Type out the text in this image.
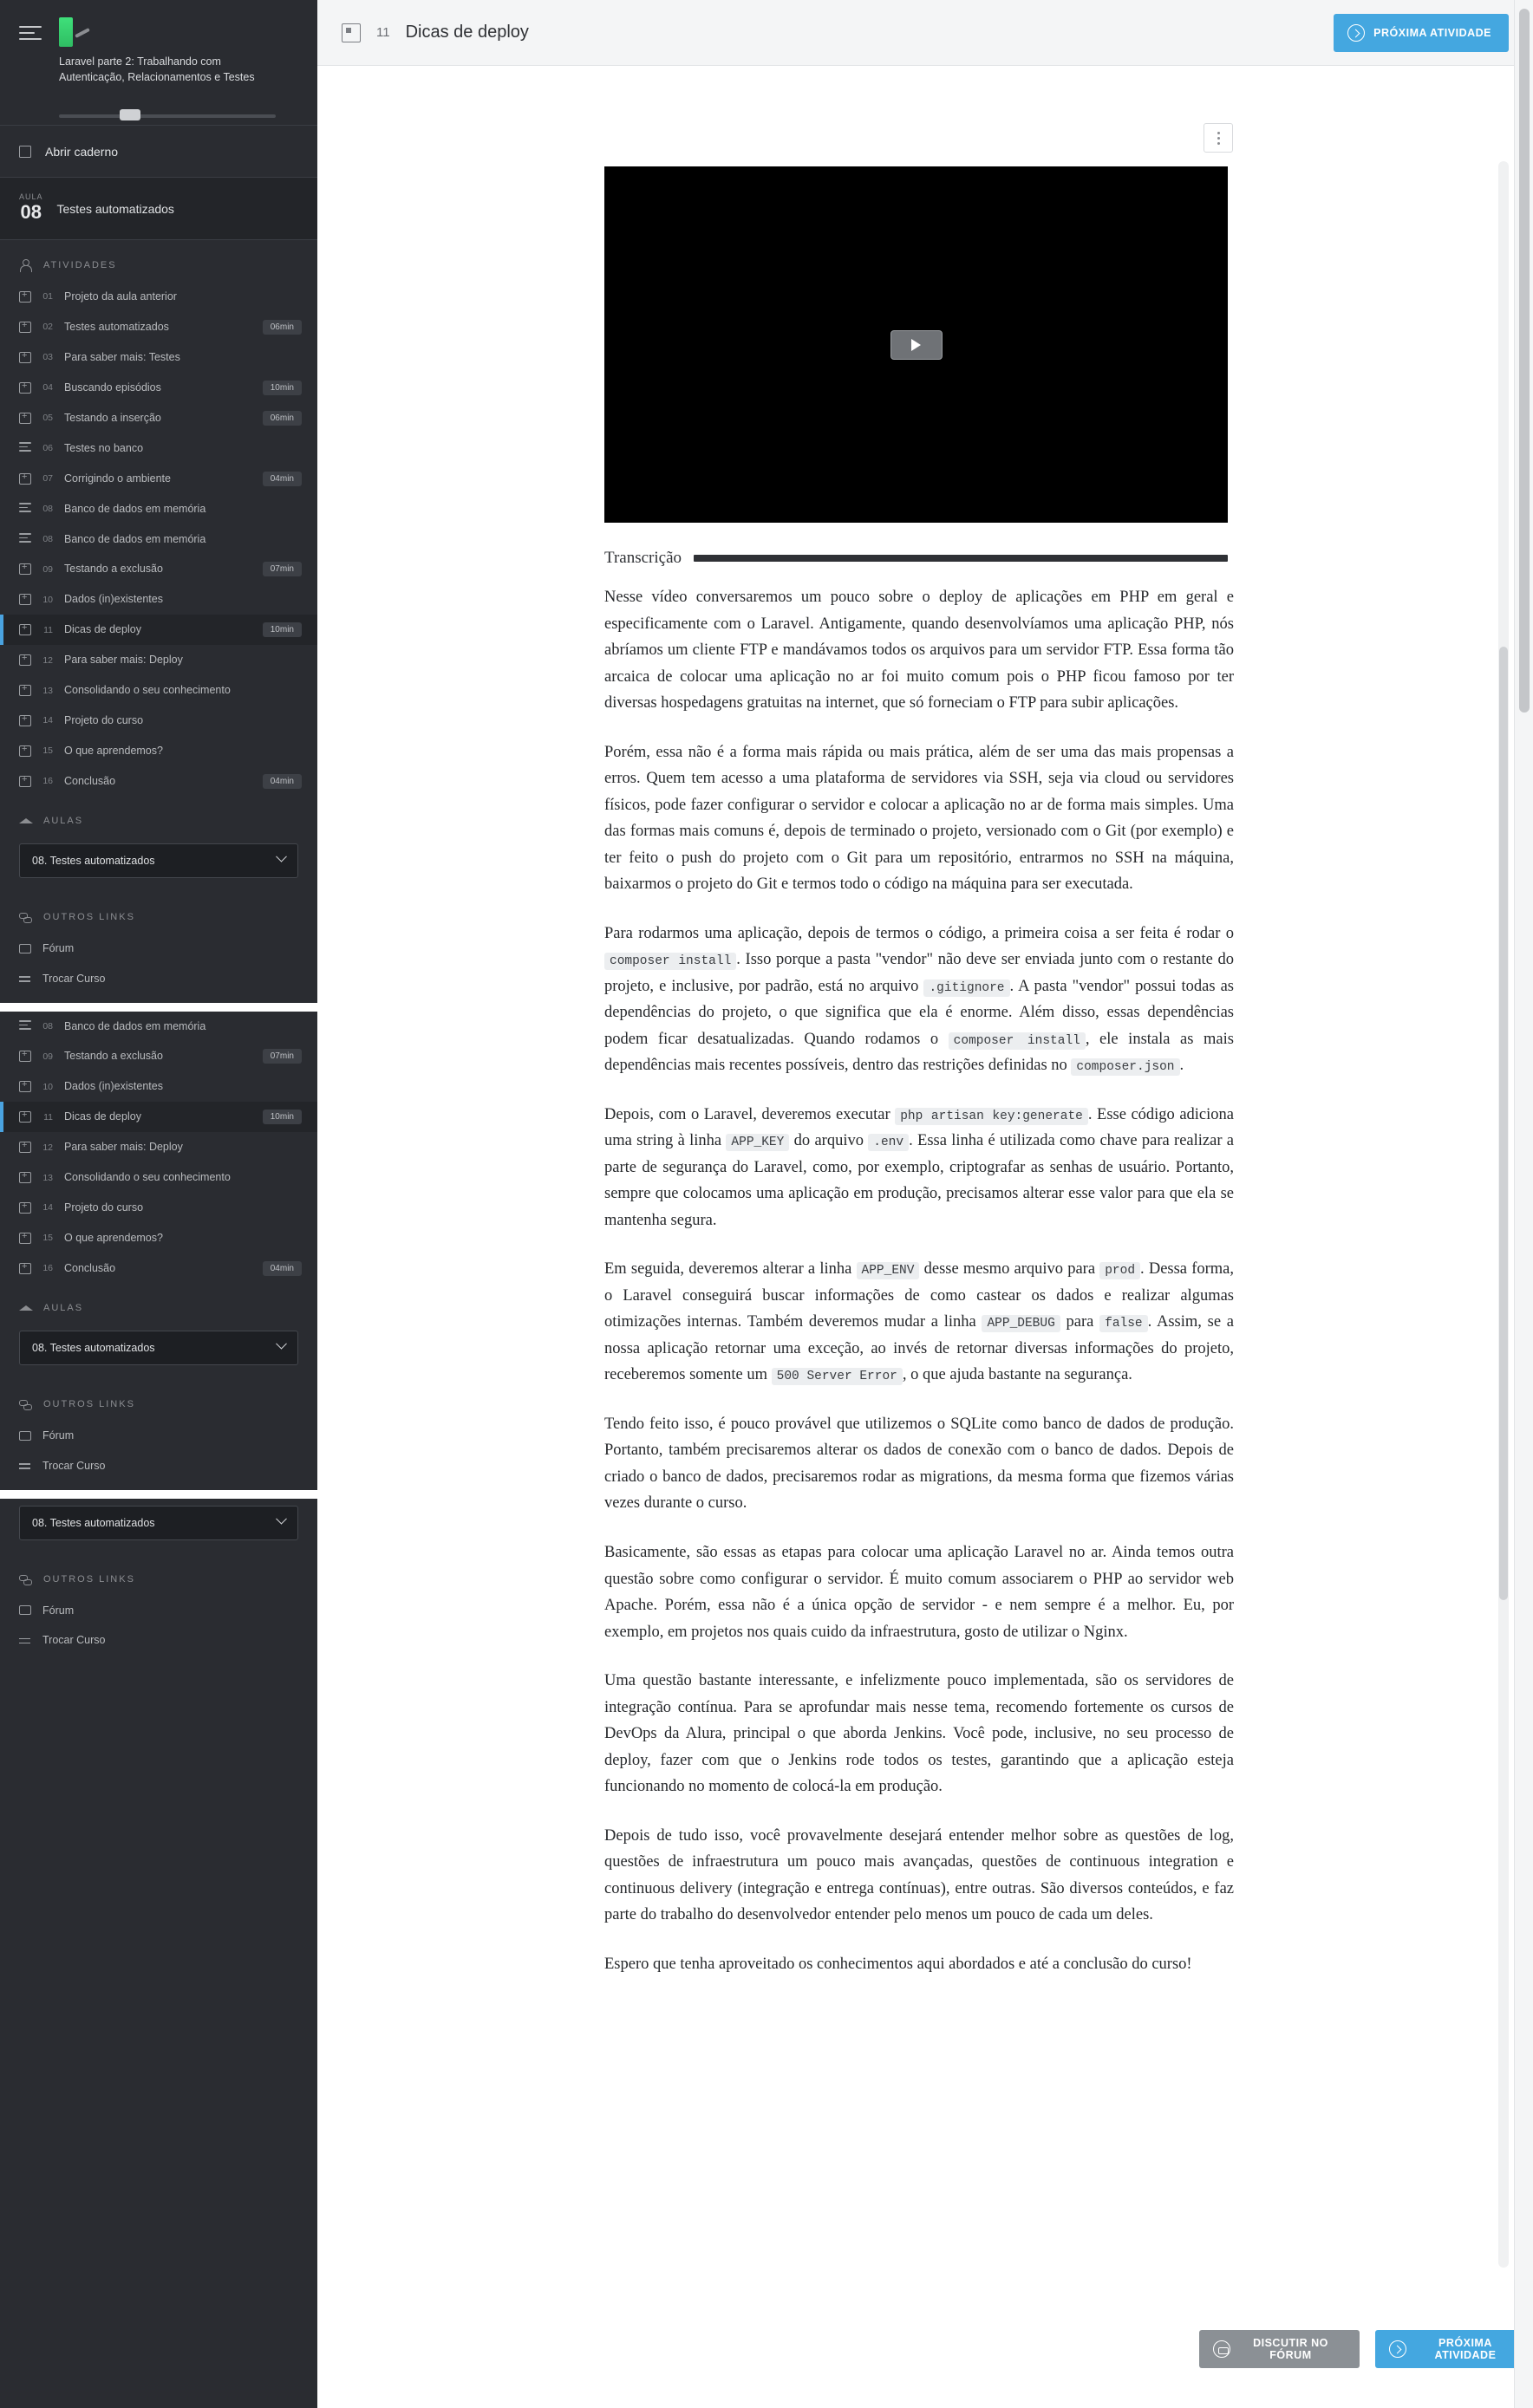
Laravel parte 2: Trabalhando com Autenticação, Relacionamentos e Testes
Abrir caderno
AULA
08 Testes automatizados
ATIVIDADES
+
01 Projeto da aula anterior
+
02 Testes automatizados	06min
+
03 Para saber mais: Testes
+
04 Buscando episódios	10min
+
05 Testando a inserção	06min
06 Testes no banco
+
07 Corrigindo o ambiente	04min
08 Banco de dados em memória
08 Banco de dados em memória
+
09 Testando a exclusão	07min
+
10 Dados (in)existentes
+
11 Dicas de deploy	10min
+
12 Para saber mais: Deploy
+
13 Consolidando o seu conhecimento
+
14 Projeto do curso
+
15 O que aprendemos?
+
16 Conclusão	04min
AULAS
08. Testes automatizados
OUTROS LINKS
Fórum
Trocar Curso
08 Banco de dados em memória
+
09 Testando a exclusão	07min
+
10 Dados (in)existentes
+
11 Dicas de deploy	10min
+
12 Para saber mais: Deploy
+
13 Consolidando o seu conhecimento
+
14 Projeto do curso
+
15 O que aprendemos?
+
16 Conclusão	04min
AULAS
08. Testes automatizados
OUTROS LINKS
Fórum
Trocar Curso
08. Testes automatizados
OUTROS LINKS
Fórum
Trocar Curso
11 Dicas de deploy	PRÓXIMA ATIVIDADE
Transcrição

Nesse vídeo conversaremos um pouco sobre o deploy de aplicações em PHP em geral e especificamente com o Laravel. Antigamente, quando desenvolvíamos uma aplicação PHP, nós abríamos um cliente FTP e mandávamos todos os arquivos para um servidor FTP. Essa forma tão arcaica de colocar uma aplicação no ar foi muito comum pois o PHP ficou famoso por ter diversas hospedagens gratuitas na internet, que só forneciam o FTP para subir aplicações.

Porém, essa não é a forma mais rápida ou mais prática, além de ser uma das mais propensas a erros. Quem tem acesso a uma plataforma de servidores via SSH, seja via cloud ou servidores físicos, pode fazer configurar o servidor e colocar a aplicação no ar de forma mais simples. Uma das formas mais comuns é, depois de terminado o projeto, versionado com o Git (por exemplo) e ter feito o push do projeto com o Git para um repositório, entrarmos no SSH na máquina, baixarmos o projeto do Git e termos todo o código na máquina para ser executada.

Para rodarmos uma aplicação, depois de termos o código, a primeira coisa a ser feita é rodar o composer install . Isso porque a pasta "vendor" não deve ser enviada junto com o restante do projeto, e inclusive, por padrão, está no arquivo .gitignore . A pasta "vendor" possui todas as dependências do projeto, o que significa que ela é enorme. Além disso, essas dependências podem ficar desatualizadas. Quando rodamos o composer install , ele instala as mais dependências mais recentes possíveis, dentro das restrições definidas no composer.json .

Depois, com o Laravel, deveremos executar php artisan key:generate . Esse código adiciona uma string à linha APP_KEY do arquivo .env . Essa linha é utilizada como chave para realizar a parte de segurança do Laravel, como, por exemplo, criptografar as senhas de usuário. Portanto, sempre que colocamos uma aplicação em produção, precisamos alterar esse valor para que ela se mantenha segura.

Em seguida, deveremos alterar a linha APP_ENV desse mesmo arquivo para prod . Dessa forma, o Laravel conseguirá buscar informações de como castear os dados e realizar algumas otimizações internas. Também deveremos mudar a linha APP_DEBUG para false . Assim, se a nossa aplicação retornar uma exceção, ao invés de retornar diversas informações do projeto, receberemos somente um 500 Server Error , o que ajuda bastante na segurança.

Tendo feito isso, é pouco provável que utilizemos o SQLite como banco de dados de produção. Portanto, também precisaremos alterar os dados de conexão com o banco de dados. Depois de criado o banco de dados, precisaremos rodar as migrations, da mesma forma que fizemos várias vezes durante o curso.

Basicamente, são essas as etapas para colocar uma aplicação Laravel no ar. Ainda temos outra questão sobre como configurar o servidor. É muito comum associarem o PHP ao servidor web Apache. Porém, essa não é a única opção de servidor - e nem sempre é a melhor. Eu, por exemplo, em projetos nos quais cuido da infraestrutura, gosto de utilizar o Nginx.

Uma questão bastante interessante, e infelizmente pouco implementada, são os servidores de integração contínua. Para se aprofundar mais nesse tema, recomendo fortemente os cursos de DevOps da Alura, principal o que aborda Jenkins. Você pode, inclusive, no seu processo de deploy, fazer com que o Jenkins rode todos os testes, garantindo que a aplicação esteja funcionando no momento de colocá-la em produção.

Depois de tudo isso, você provavelmente desejará entender melhor sobre as questões de log, questões de infraestrutura um pouco mais avançadas, questões de continuous integration e continuous delivery (integração e entrega contínuas), entre outras. São diversos conteúdos, e faz parte do trabalho do desenvolvedor entender pelo menos um pouco de cada um deles.

Espero que tenha aproveitado os conhecimentos aqui abordados e até a conclusão do curso!

DISCUTIR NO FÓRUM
PRÓXIMA ATIVIDADE
